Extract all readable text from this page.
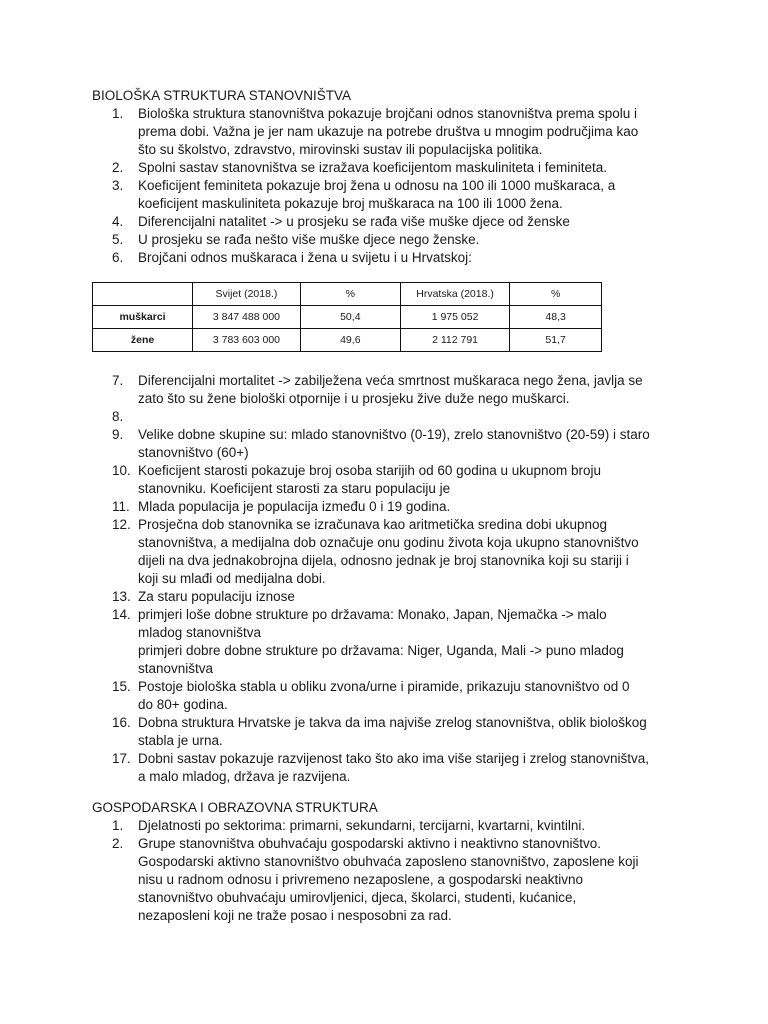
BIOLOŠKA STRUKTURA STANOVNIŠTVA
1.	Biološka struktura stanovništva pokazuje brojčani odnos stanovništva prema spolu i
prema dobi. Važna je jer nam ukazuje na potrebe društva u mnogim područjima kao
što su školstvo, zdravstvo, mirovinski sustav ili populacijska politika.
2.	Spolni sastav stanovništva se izražava koeficijentom maskuliniteta i feminiteta.
3.	Koeficijent feminiteta pokazuje broj žena u odnosu na 100 ili 1000 muškaraca, a
koeficijent maskuliniteta pokazuje broj muškaraca na 100 ili 1000 žena.
4.	Diferencijalni natalitet -> u prosjeku se rađa više muške djece od ženske
5.	U prosjeku se rađa nešto više muške djece nego ženske.
6.	Brojčani odnos muškaraca i žena u svijetu i u Hrvatskoj:
	Svijet (2018.)	%	Hrvatska (2018.)	%
muškarci	3 847 488 000	50,4	1 975 052	48,3
žene	3 783 603 000	49,6	2 112 791	51,7
7.	Diferencijalni mortalitet -> zabilježena veća smrtnost muškaraca nego žena, javlja se
zato što su žene biološki otpornije i u prosjeku žive duže nego muškarci.
8.

9.	Velike dobne skupine su: mlado stanovništvo (0-19), zrelo stanovništvo (20-59) i staro
stanovništvo (60+)
10. Koeficijent starosti pokazuje broj osoba starijih od 60 godina u ukupnom broju
stanovniku. Koeficijent starosti za staru populaciju je
11. Mlada populacija je populacija između 0 i 19 godina.
12. Prosječna dob stanovnika se izračunava kao aritmetička sredina dobi ukupnog
stanovništva, a medijalna dob označuje onu godinu života koja ukupno stanovništvo
dijeli na dva jednakobrojna dijela, odnosno jednak je broj stanovnika koji su stariji i
koji su mlađi od medijalna dobi.
13. Za staru populaciju iznose
14. primjeri loše dobne strukture po državama: Monako, Japan, Njemačka -> malo
mladog stanovništva
primjeri dobre dobne strukture po državama: Niger, Uganda, Mali -> puno mladog
stanovništva
15. Postoje biološka stabla u obliku zvona/urne i piramide, prikazuju stanovništvo od 0
do 80+ godina.
16. Dobna struktura Hrvatske je takva da ima najviše zrelog stanovništva, oblik biološkog
stabla je urna.
17. Dobni sastav pokazuje razvijenost tako što ako ima više starijeg i zrelog stanovništva,
a malo mladog, država je razvijena.
GOSPODARSKA I OBRAZOVNA STRUKTURA
1.	Djelatnosti po sektorima: primarni, sekundarni, tercijarni, kvartarni, kvintilni.
2.	Grupe stanovništva obuhvaćaju gospodarski aktivno i neaktivno stanovništvo.
Gospodarski aktivno stanovništvo obuhvaća zaposleno stanovništvo, zaposlene koji
nisu u radnom odnosu i privremeno nezaposlene, a gospodarski neaktivno
stanovništvo obuhvaćaju umirovljenici, djeca, školarci, studenti, kućanice,
nezaposleni koji ne traže posao i nesposobni za rad.
